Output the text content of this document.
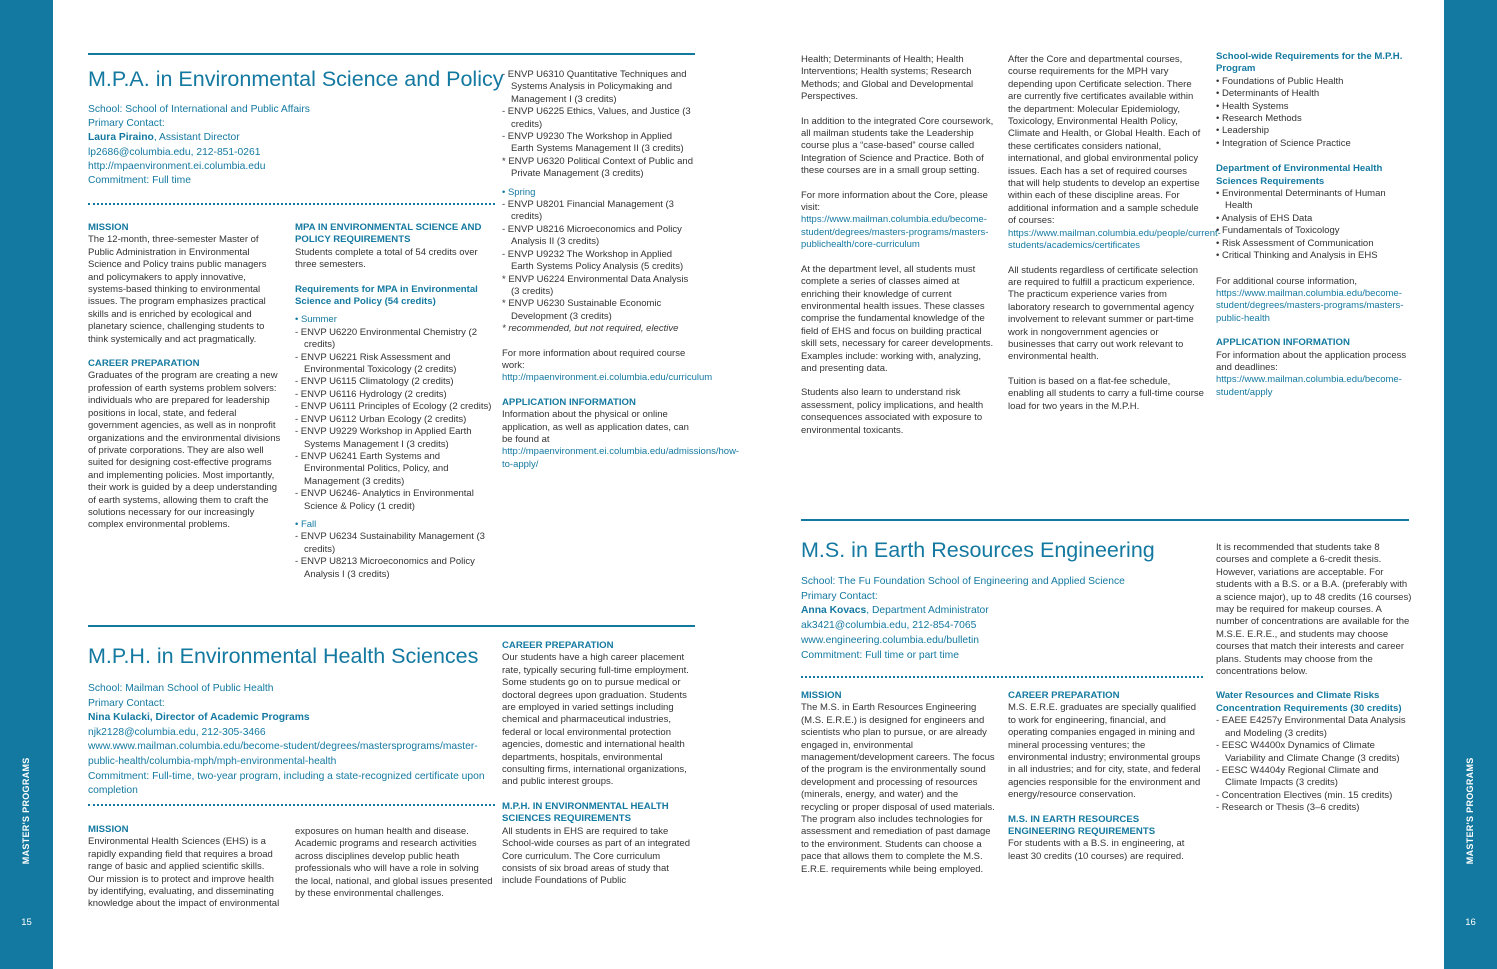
MASTER'S PROGRAMS
15
MASTER'S PROGRAMS
16
M.P.A. in Environmental Science and Policy
School: School of International and Public Affairs
Primary Contact:
Laura Piraino, Assistant Director
lp2686@columbia.edu, 212-851-0261
http://mpaenvironment.ei.columbia.edu
Commitment: Full time
MISSION

The 12-month, three-semester Master of Public Administration in Environmental Science and Policy trains public managers and policymakers to apply innovative, systems-based thinking to environmental issues. The program emphasizes practical skills and is enriched by ecological and planetary science, challenging students to think systemically and act pragmatically.

CAREER PREPARATION

Graduates of the program are creating a new profession of earth systems problem solvers: individuals who are prepared for leadership positions in local, state, and federal government agencies, as well as in nonprofit organizations and the environmental divisions of private corporations. They are also well suited for designing cost-effective programs and implementing policies. Most importantly, their work is guided by a deep understanding of earth systems, allowing them to craft the solutions necessary for our increasingly complex environmental problems.

MPA IN ENVIRONMENTAL SCIENCE AND POLICY REQUIREMENTS

Students complete a total of 54 credits over three semesters.

Requirements for MPA in Environmental Science and Policy (54 credits)
• Summer
- ENVP U6220 Environmental Chemistry (2 credits)
- ENVP U6221 Risk Assessment and Environmental Toxicology (2 credits)
- ENVP U6115 Climatology (2 credits)
- ENVP U6116 Hydrology (2 credits)
- ENVP U6111 Principles of Ecology (2 credits)
- ENVP U6112 Urban Ecology (2 credits)
- ENVP U9229 Workshop in Applied Earth Systems Management I (3 credits)
- ENVP U6241 Earth Systems and Environmental Politics, Policy, and Management (3 credits)
- ENVP U6246- Analytics in Environmental Science & Policy (1 credit)
• Fall
- ENVP U6234 Sustainability Management (3 credits)
- ENVP U8213 Microeconomics and Policy Analysis I (3 credits)
- ENVP U6310 Quantitative Techniques and Systems Analysis in Policymaking and Management I (3 credits)
- ENVP U6225 Ethics, Values, and Justice (3 credits)
- ENVP U9230 The Workshop in Applied Earth Systems Management II (3 credits)
* ENVP U6320 Political Context of Public and Private Management (3 credits)
• Spring
- ENVP U8201 Financial Management (3 credits)
- ENVP U8216 Microeconomics and Policy Analysis II (3 credits)
- ENVP U9232 The Workshop in Applied Earth Systems Policy Analysis (5 credits)
* ENVP U6224 Environmental Data Analysis (3 credits)
* ENVP U6230 Sustainable Economic Development (3 credits)

* recommended, but not required, elective

For more information about required course work:

http://mpaenvironment.ei.columbia.edu/curriculum

APPLICATION INFORMATION

Information about the physical or online application, as well as application dates, can be found at

http://mpaenvironment.ei.columbia.edu/admissions/how-to-apply/

M.P.H. in Environmental Health Sciences
School: Mailman School of Public Health
Primary Contact:
Nina Kulacki, Director of Academic Programs
njk2128@columbia.edu, 212-305-3466
www.www.mailman.columbia.edu/become-student/degrees/mastersprograms/master-public-health/columbia-mph/mph-environmental-health
Commitment: Full-time, two-year program, including a state-recognized certificate upon completion
MISSION

Environmental Health Sciences (EHS) is a rapidly expanding field that requires a broad range of basic and applied scientific skills. Our mission is to protect and improve health by identifying, evaluating, and disseminating knowledge about the impact of environmental

exposures on human health and disease. Academic programs and research activities across disciplines develop public heath professionals who will have a role in solving the local, national, and global issues presented by these environmental challenges.

CAREER PREPARATION

Our students have a high career placement rate, typically securing full-time employment. Some students go on to pursue medical or doctoral degrees upon graduation. Students are employed in varied settings including chemical and pharmaceutical industries, federal or local environmental protection agencies, domestic and international health departments, hospitals, environmental consulting firms, international organizations, and public interest groups.

M.P.H. IN ENVIRONMENTAL HEALTH SCIENCES REQUIREMENTS

All students in EHS are required to take School-wide courses as part of an integrated Core curriculum. The Core curriculum consists of six broad areas of study that include Foundations of Public

Health; Determinants of Health; Health Interventions; Health systems; Research Methods; and Global and Developmental Perspectives.

In addition to the integrated Core coursework, all mailman students take the Leadership course plus a “case-based” course called Integration of Science and Practice. Both of these courses are in a small group setting.

For more information about the Core, please visit: https://www.mailman.columbia.edu/become-student/degrees/masters-programs/masters-publichealth/core-curriculum

At the department level, all students must complete a series of classes aimed at enriching their knowledge of current environmental health issues. These classes comprise the fundamental knowledge of the field of EHS and focus on building practical skill sets, necessary for career developments. Examples include: working with, analyzing, and presenting data.

Students also learn to understand risk assessment, policy implications, and health consequences associated with exposure to environmental toxicants.

After the Core and departmental courses, course requirements for the MPH vary depending upon Certificate selection. There are currently five certificates available within the department: Molecular Epidemiology, Toxicology, Environmental Health Policy, Climate and Health, or Global Health. Each of these certificates considers national, international, and global environmental policy issues. Each has a set of required courses that will help students to develop an expertise within each of these discipline areas. For additional information and a sample schedule of courses:

https://www.mailman.columbia.edu/people/current-students/academics/certificates

All students regardless of certificate selection are required to fulfill a practicum experience. The practicum experience varies from laboratory research to governmental agency involvement to relevant summer or part-time work in nongovernment agencies or businesses that carry out work relevant to environmental health.

Tuition is based on a flat-fee schedule, enabling all students to carry a full-time course load for two years in the M.P.H.

School-wide Requirements for the M.P.H. Program
• Foundations of Public Health
• Determinants of Health
• Health Systems
• Research Methods
• Leadership
• Integration of Science Practice
Department of Environmental Health Sciences Requirements
• Environmental Determinants of Human Health
• Analysis of EHS Data
• Fundamentals of Toxicology
• Risk Assessment of Communication
• Critical Thinking and Analysis in EHS

For additional course information,

https://www.mailman.columbia.edu/become-student/degrees/masters-programs/masters-public-health

APPLICATION INFORMATION

For information about the application process and deadlines:

https://www.mailman.columbia.edu/become-student/apply

M.S. in Earth Resources Engineering
School: The Fu Foundation School of Engineering and Applied Science
Primary Contact:
Anna Kovacs, Department Administrator
ak3421@columbia.edu, 212-854-7065
www.engineering.columbia.edu/bulletin
Commitment: Full time or part time
MISSION

The M.S. in Earth Resources Engineering (M.S. E.R.E.) is designed for engineers and scientists who plan to pursue, or are already engaged in, environmental management/development careers. The focus of the program is the environmentally sound development and processing of resources (minerals, energy, and water) and the recycling or proper disposal of used materials. The program also includes technologies for assessment and remediation of past damage to the environment. Students can choose a pace that allows them to complete the M.S. E.R.E. requirements while being employed.

CAREER PREPARATION

M.S. E.R.E. graduates are specially qualified to work for engineering, financial, and operating companies engaged in mining and mineral processing ventures; the environmental industry; environmental groups in all industries; and for city, state, and federal agencies responsible for the environment and energy/resource conservation.

M.S. IN EARTH RESOURCES ENGINEERING REQUIREMENTS

For students with a B.S. in engineering, at least 30 credits (10 courses) are required.

It is recommended that students take 8 courses and complete a 6-credit thesis. However, variations are acceptable. For students with a B.S. or a B.A. (preferably with a science major), up to 48 credits (16 courses) may be required for makeup courses. A number of concentrations are available for the M.S.E. E.R.E., and students may choose courses that match their interests and career plans. Students may choose from the concentrations below.

Water Resources and Climate Risks Concentration Requirements (30 credits)
- EAEE E4257y Environmental Data Analysis and Modeling (3 credits)
- EESC W4400x Dynamics of Climate Variability and Climate Change (3 credits)
- EESC W4404y Regional Climate and Climate Impacts (3 credits)
- Concentration Electives (min. 15 credits)
- Research or Thesis (3–6 credits)
